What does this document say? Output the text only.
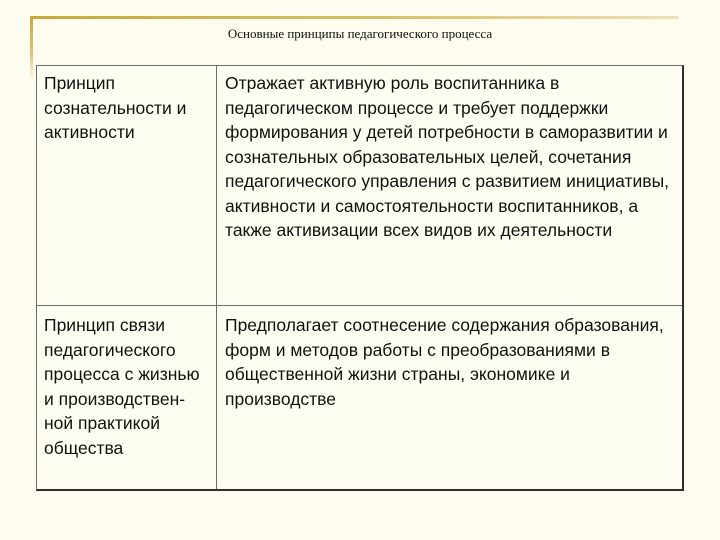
Основные принципы педагогического процесса
Принцип сознательности и активности	Отражает активную роль воспитанника в педагогическом процессе и требует поддержки формирования у детей потребности в саморазвитии и сознательных образовательных целей, сочетания педагогического управления с развитием инициативы, активности и самостоятельности воспитанников, а также активизации всех видов их деятельности
Принцип связи педагогического процесса с жизнью и производствен-
ной практикой общества	Предполагает соотнесение содержания образования, форм и методов работы с преобразованиями в общественной жизни страны, экономике и производстве
